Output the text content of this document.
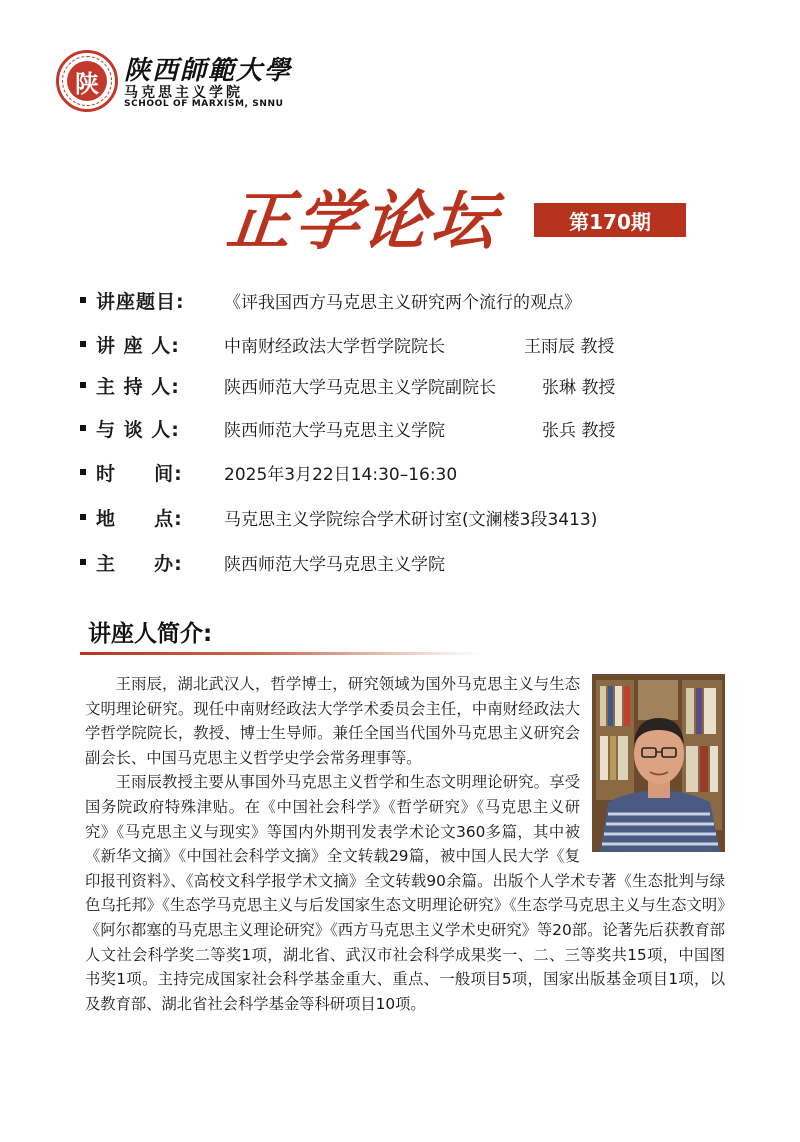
陕 陕西師範大學
马克思主义学院
SCHOOL OF MARXISM, SNNU
正学论坛	第170期
讲座题目:	《评我国西方马克思主义研究两个流行的观点》
讲 座 人:	中南财经政法大学哲学院院长	王雨辰 教授
主 持 人:	陕西师范大学马克思主义学院副院长	张琳 教授
与 谈 人:	陕西师范大学马克思主义学院	张兵 教授
时     间:	2025年3月22日14:30–16:30
地     点:	马克思主义学院综合学术研讨室(文澜楼3段3413)
主     办:	陕西师范大学马克思主义学院
讲座人简介:

王雨辰，湖北武汉人，哲学博士，研究领域为国外马克思主义与生态文明理论研究。现任中南财经政法大学学术委员会主任，中南财经政法大学哲学院院长，教授、博士生导师。兼任全国当代国外马克思主义研究会副会长、中国马克思主义哲学史学会常务理事等。

王雨辰教授主要从事国外马克思主义哲学和生态文明理论研究。享受国务院政府特殊津贴。在《中国社会科学》《哲学研究》《马克思主义研究》《马克思主义与现实》等国内外期刊发表学术论文360多篇，其中被《新华文摘》《中国社会科学文摘》全文转载29篇，被中国人民大学《复印报刊资料》、《高校文科学报学术文摘》全文转载90余篇。出版个人学术专著《生态批判与绿色乌托邦》《生态学马克思主义与后发国家生态文明理论研究》《生态学马克思主义与生态文明》《阿尔都塞的马克思主义理论研究》《西方马克思主义学术史研究》等20部。论著先后获教育部人文社会科学奖二等奖1项，湖北省、武汉市社会科学成果奖一、二、三等奖共15项，中国图书奖1项。主持完成国家社会科学基金重大、重点、一般项目5项，国家出版基金项目1项，以及教育部、湖北省社会科学基金等科研项目10项。
